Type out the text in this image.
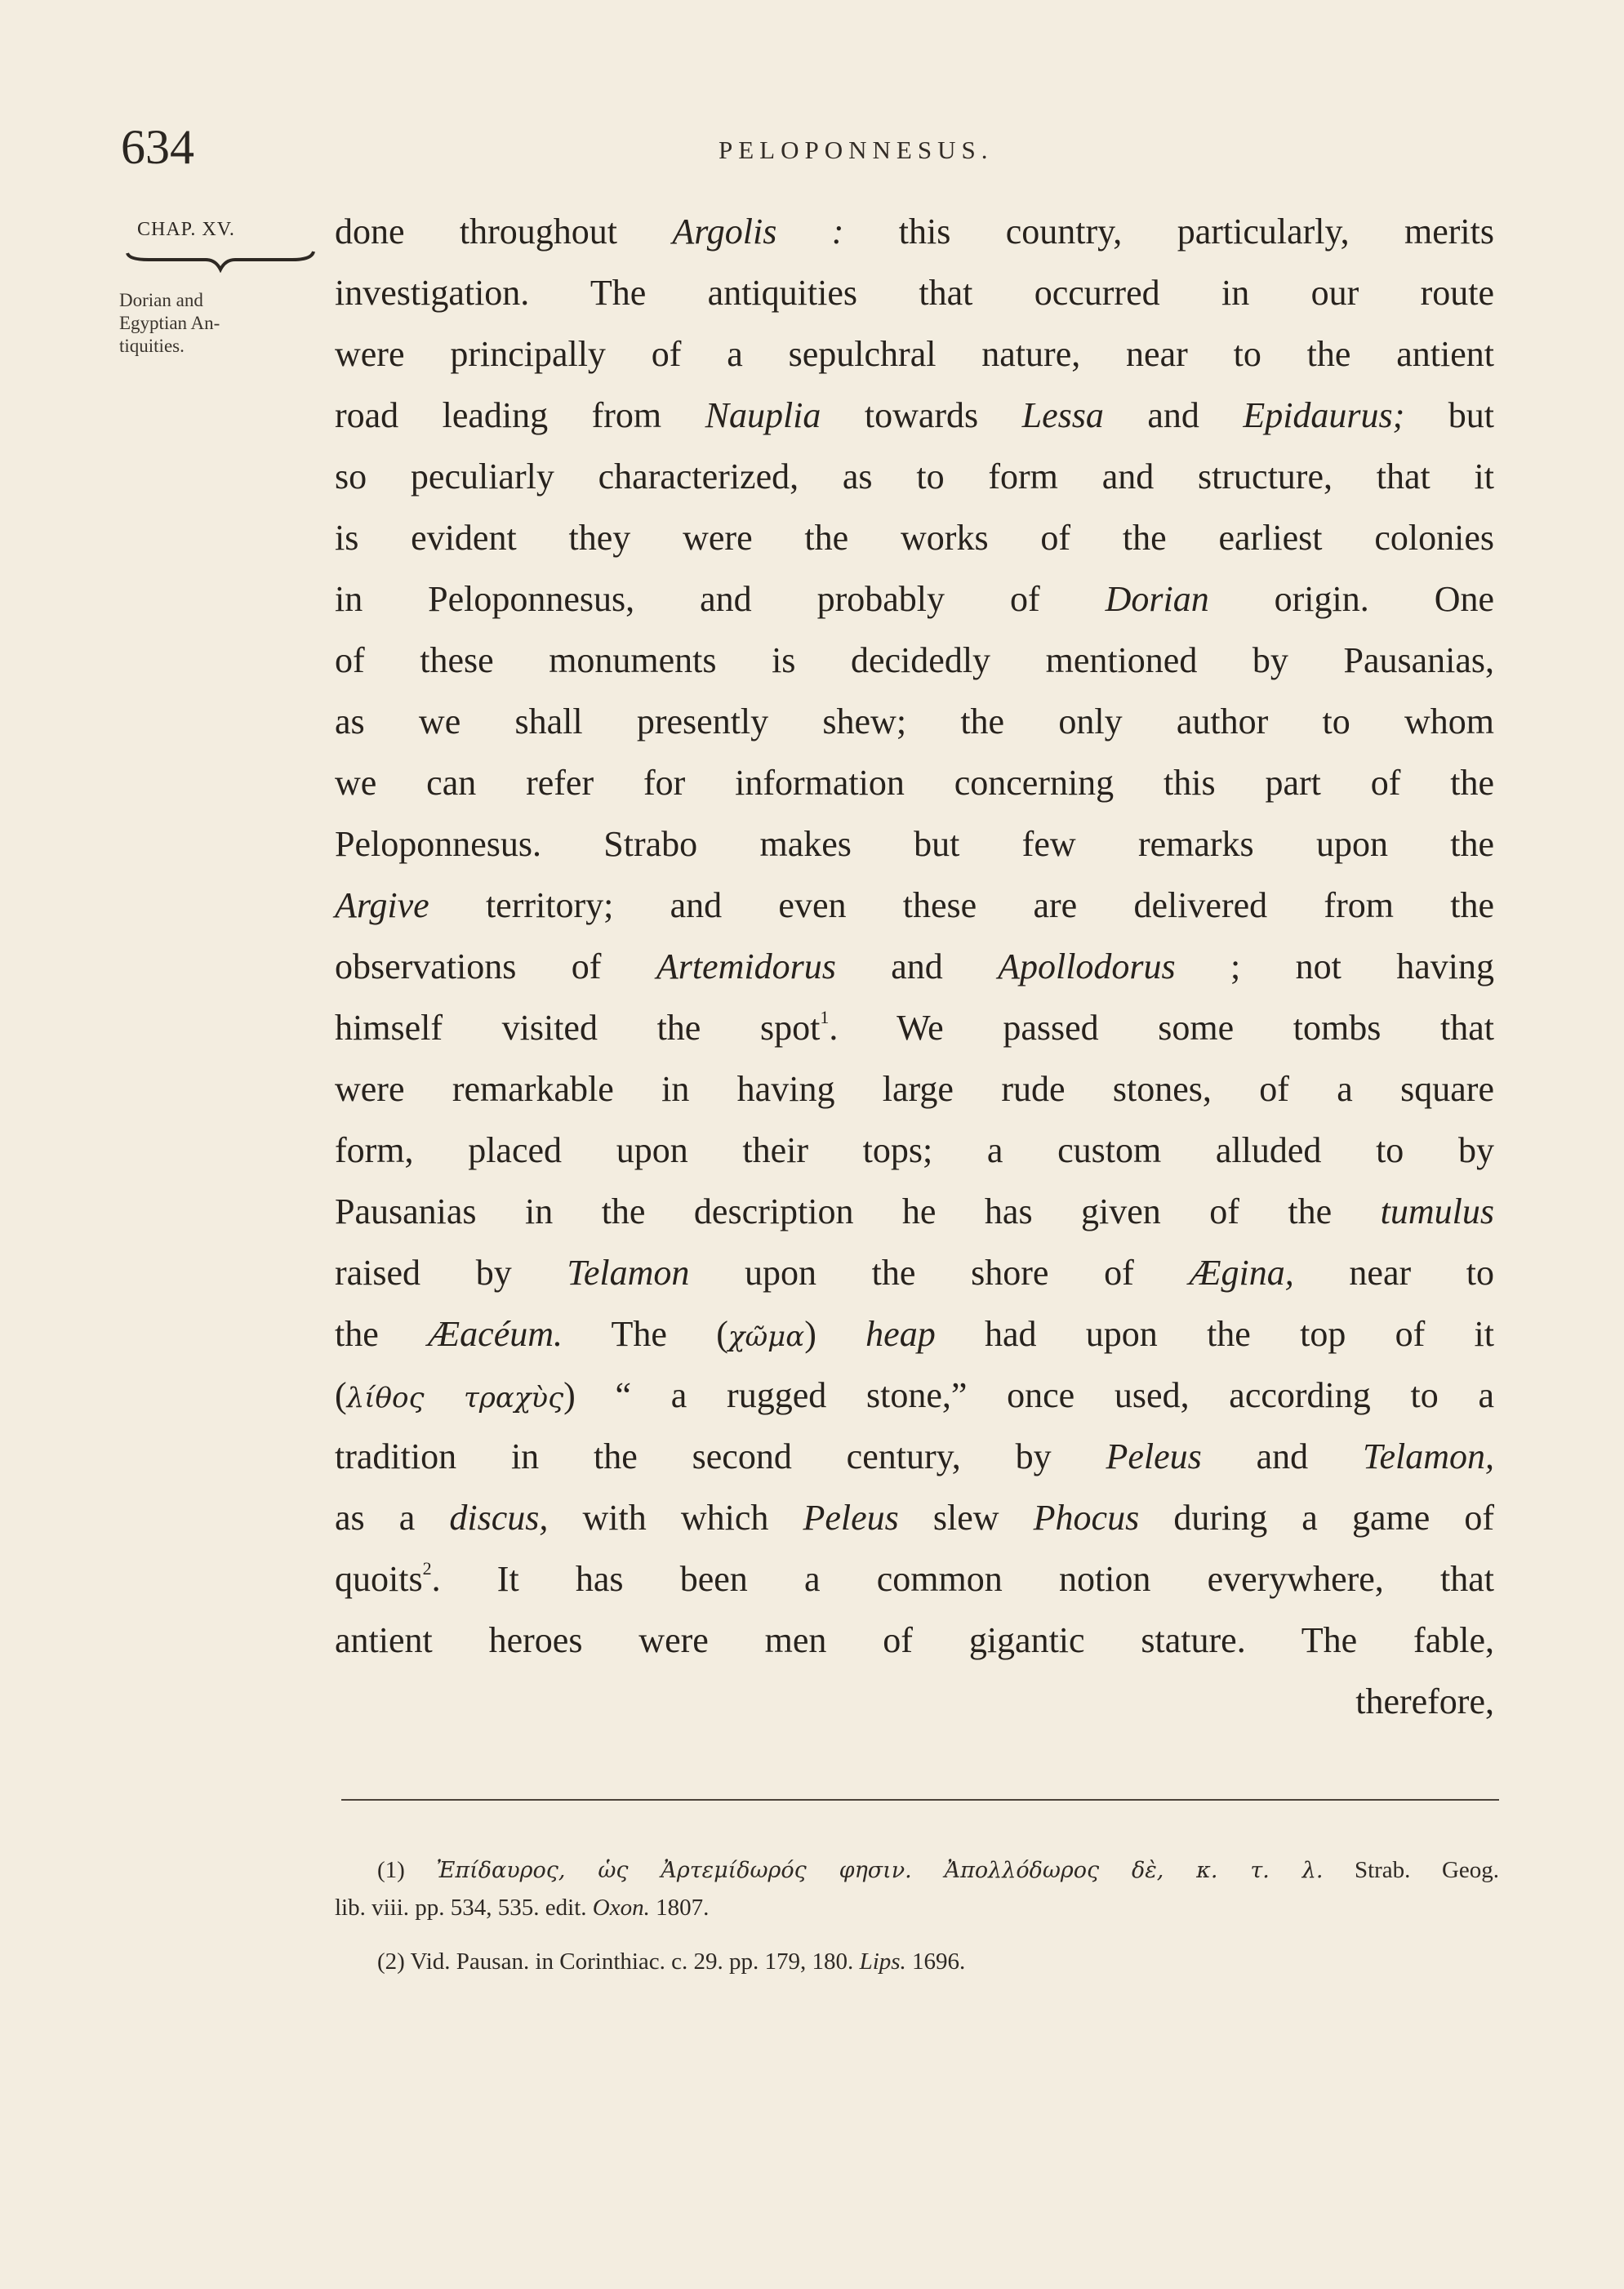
634	PELOPONNESUS.
CHAP. XV.
Dorian and
Egyptian An-
tiquities.
done throughout Argolis : this country, particularly, merits
investigation. The antiquities that occurred in our route
were principally of a sepulchral nature, near to the antient
road leading from Nauplia towards Lessa and Epidaurus; but
so peculiarly characterized, as to form and structure, that it
is evident they were the works of the earliest colonies
in Peloponnesus, and probably of Dorian origin. One
of these monuments is decidedly mentioned by Pausanias,
as we shall presently shew; the only author to whom
we can refer for information concerning this part of the
Peloponnesus. Strabo makes but few remarks upon the
Argive territory; and even these are delivered from the
observations of Artemidorus and Apollodorus ; not having
himself visited the spot$^1$. We passed some tombs that
were remarkable in having large rude stones, of a square
form, placed upon their tops; a custom alluded to by
Pausanias in the description he has given of the tumulus
raised by Telamon upon the shore of Ægina, near to
the Æacéum. The (χῶμα) heap had upon the top of it
(λίθος τραχὺς) “ a rugged stone,” once used, according to a
tradition in the second century, by Peleus and Telamon,
as a discus, with which Peleus slew Phocus during a game of
quoits$^2$. It has been a common notion everywhere, that
antient heroes were men of gigantic stature. The fable,
therefore,
(1) Ἐπίδαυρος, ὡς Ἀρτεμίδωρός φησιν. Ἀπολλόδωρος δὲ, κ. τ. λ. Strab. Geog.
lib. viii. pp. 534, 535. edit. Oxon. 1807.
(2) Vid. Pausan. in Corinthiac. c. 29. pp. 179, 180. Lips. 1696.
